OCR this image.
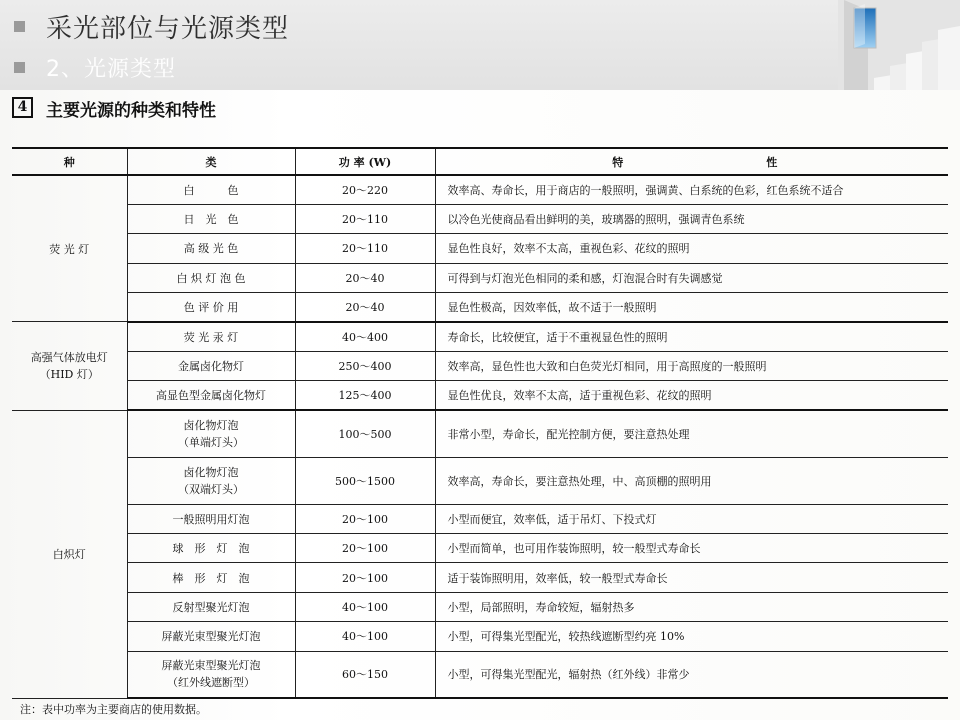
采光部位与光源类型
2、光源类型
4	主要光源的种类和特性
种	类	功 率 (W)	特　　　　　　　　　　　　　性
荧 光 灯	白　　　色	20～220	效率高、寿命长，用于商店的一般照明，强调黄、白系统的色彩，红色系统不适合
	日　光　色	20～110	以冷色光使商品看出鲜明的美，玻璃器的照明，强调青色系统
	高 级 光 色	20～110	显色性良好，效率不太高，重视色彩、花纹的照明
	白 炽 灯 泡 色	20～40	可得到与灯泡光色相同的柔和感，灯泡混合时有失调感觉
	色 评 价 用	20～40	显色性极高，因效率低，故不适于一般照明

高强气体放电灯
（HID 灯）	荧 光 汞 灯	40～400	寿命长，比较便宜，适于不重视显色性的照明
	金属卤化物灯	250～400	效率高，显色性也大致和白色荧光灯相同，用于高照度的一般照明
	高显色型金属卤化物灯	125～400	显色性优良，效率不太高，适于重视色彩、花纹的照明
白炽灯	卤化物灯泡
（单端灯头）	100～500	非常小型，寿命长，配光控制方便，要注意热处理

	卤化物灯泡
（双端灯头）	500～1500	效率高，寿命长，要注意热处理，中、高顶棚的照明用
	一般照明用灯泡	20～100	小型而便宜，效率低，适于吊灯、下投式灯
	球　形　灯　泡	20～100	小型而简单，也可用作装饰照明，较一般型式寿命长
	棒　形　灯　泡	20～100	适于装饰照明用，效率低，较一般型式寿命长
	反射型聚光灯泡	40～100	小型，局部照明，寿命较短，辐射热多
	屏蔽光束型聚光灯泡	40～100	小型，可得集光型配光，较热线遮断型约亮 10%

	屏蔽光束型聚光灯泡
（红外线遮断型）	60～150	小型，可得集光型配光，辐射热（红外线）非常少
注：表中功率为主要商店的使用数据。
